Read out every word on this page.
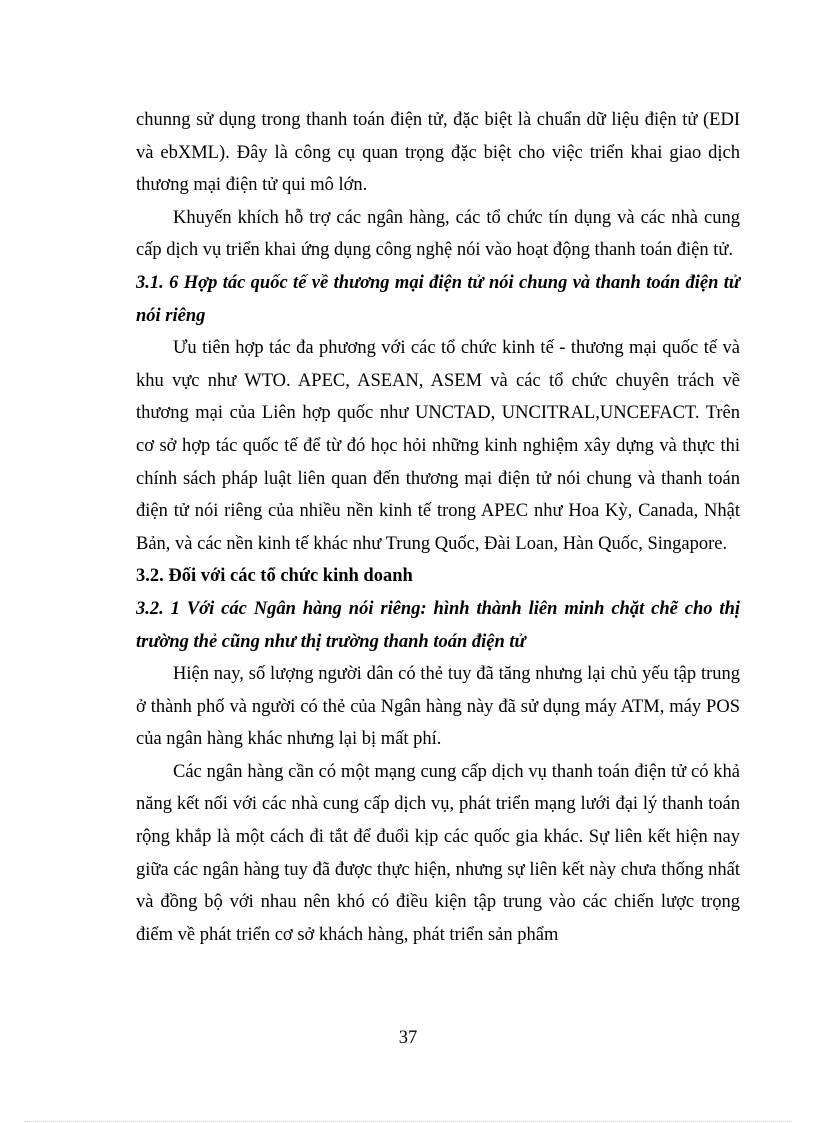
chunng sử dụng trong thanh toán điện tử, đặc biệt là chuẩn dữ liệu điện tử (EDI và ebXML). Đây là công cụ quan trọng đặc biệt cho việc triển khai giao dịch thương mại điện tử qui mô lớn.

Khuyến khích hỗ trợ các ngân hàng, các tổ chức tín dụng và các nhà cung cấp dịch vụ triển khai ứng dụng công nghệ nói vào hoạt động thanh toán điện tử.

3.1. 6 Hợp tác quốc tế về thương mại điện tử nói chung và thanh toán điện tử nói riêng

Ưu tiên hợp tác đa phương với các tổ chức kinh tế - thương mại quốc tế và khu vực như WTO. APEC, ASEAN, ASEM và các tổ chức chuyên trách về thương mại của Liên hợp quốc như UNCTAD, UNCITRAL,UNCEFACT. Trên cơ sở hợp tác quốc tế để từ đó học hỏi những kinh nghiệm xây dựng và thực thi chính sách pháp luật liên quan đến thương mại điện tử nói chung và thanh toán điện tử nói riêng của nhiều nền kinh tế trong APEC như Hoa Kỳ, Canada, Nhật Bản, và các nền kinh tế khác như Trung Quốc, Đài Loan, Hàn Quốc, Singapore.

3.2. Đối với các tổ chức kinh doanh

3.2. 1 Với các Ngân hàng nói riêng: hình thành liên minh chặt chẽ cho thị trường thẻ cũng như thị trường thanh toán điện tử

Hiện nay, số lượng người dân có thẻ tuy đã tăng nhưng lại chủ yếu tập trung ở thành phố và người có thẻ của Ngân hàng này đã sử dụng máy ATM, máy POS của ngân hàng khác nhưng lại bị mất phí.

Các ngân hàng cần có một mạng cung cấp dịch vụ thanh toán điện tử có khả năng kết nối với các nhà cung cấp dịch vụ, phát triển mạng lưới đại lý thanh toán rộng khắp là một cách đi tắt để đuổi kịp các quốc gia khác. Sự liên kết hiện nay giữa các ngân hàng tuy đã được thực hiện, nhưng sự liên kết này chưa thống nhất và đồng bộ với nhau nên khó có điều kiện tập trung vào các chiến lược trọng điểm về phát triển cơ sở khách hàng, phát triển sản phẩm

37
